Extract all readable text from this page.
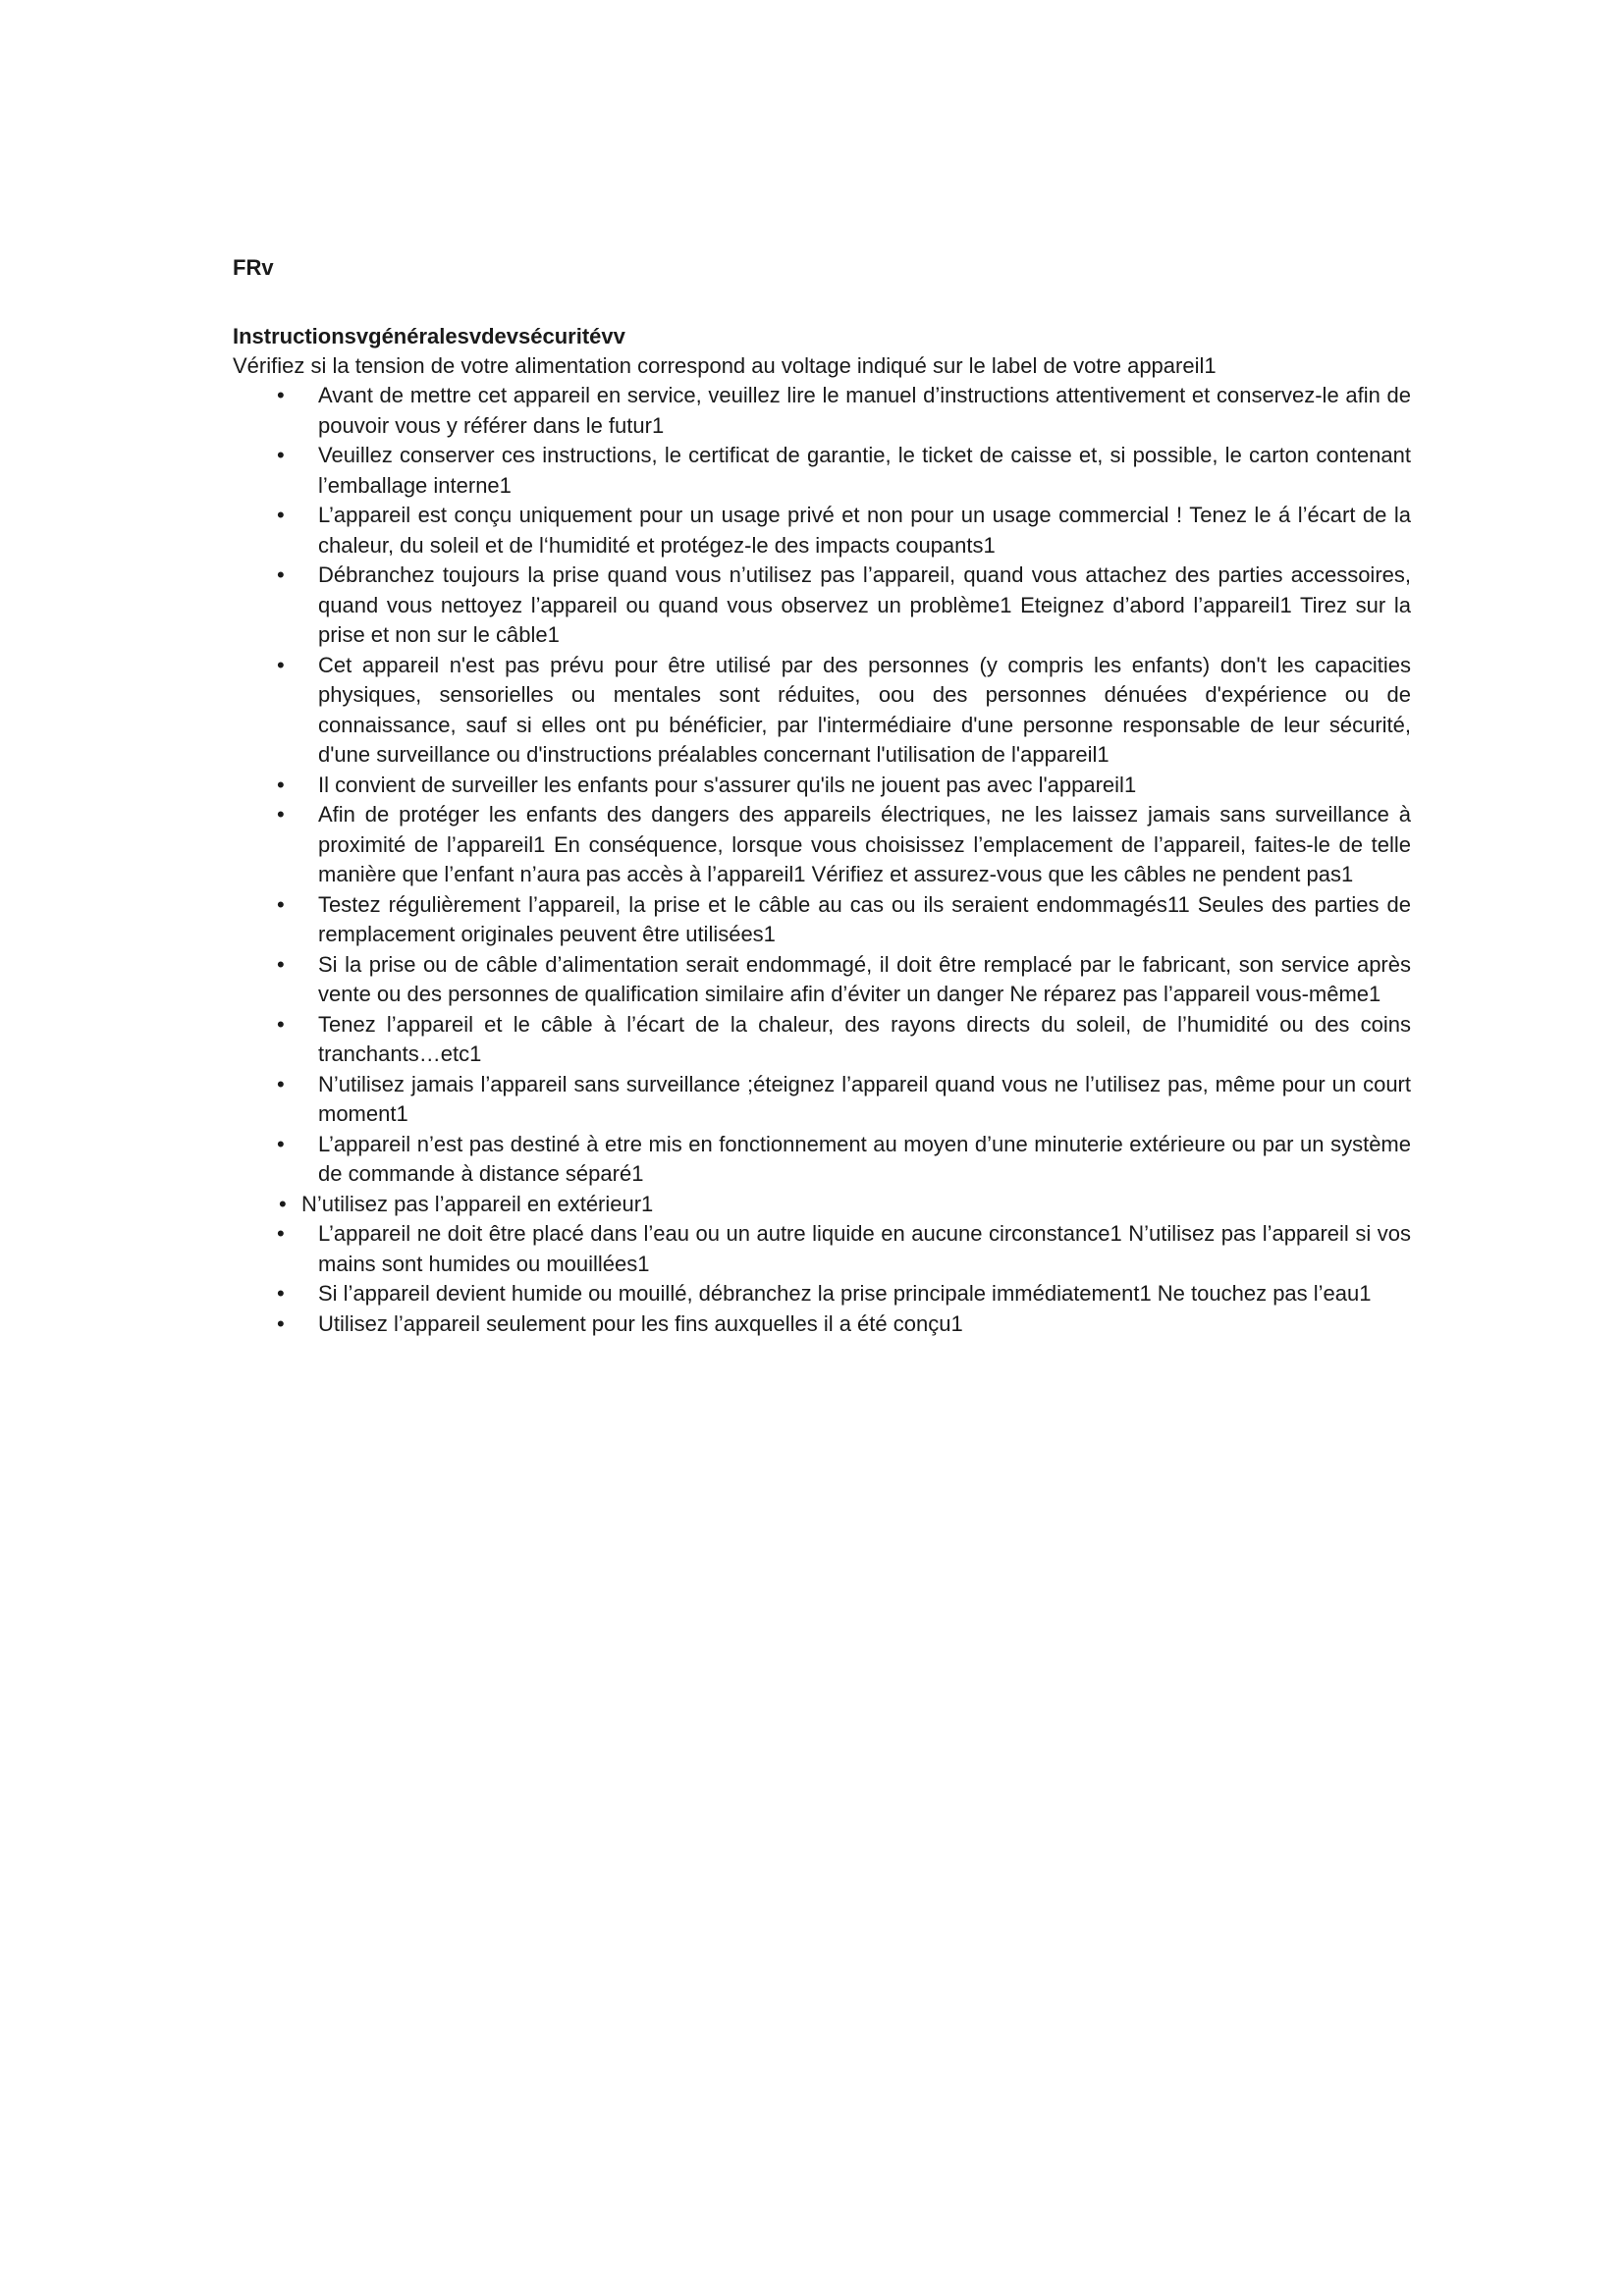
FRv

Instructionsvgénéralesvdevsécuritévv

Vérifiez si la tension de votre alimentation correspond au voltage indiqué sur le label de votre appareil1

• Avant de mettre cet appareil en service, veuillez lire le manuel d’instructions attentivement et conservez-le afin de pouvoir vous y référer dans le futur1
• Veuillez conserver ces instructions, le certificat de garantie, le ticket de caisse et, si possible, le carton contenant l’emballage interne1
• L’appareil est conçu uniquement pour un usage privé et non pour un usage commercial ! Tenez le á l’écart de la chaleur, du soleil et de l‘humidité et protégez-le des impacts coupants1
• Débranchez toujours la prise quand vous n’utilisez pas l’appareil, quand vous attachez des parties accessoires, quand vous nettoyez l’appareil ou quand vous observez un problème1 Eteignez d’abord l’appareil1 Tirez sur la prise et non sur le câble1
• Cet appareil n'est pas prévu pour être utilisé par des personnes (y compris les enfants) don't les capacities physiques, sensorielles ou mentales sont réduites, oou des personnes dénuées d'expérience ou de connaissance, sauf si elles ont pu bénéficier, par l'intermédiaire d'une personne responsable de leur sécurité, d'une surveillance ou d'instructions préalables concernant l'utilisation de l'appareil1
• Il convient de surveiller les enfants pour s'assurer qu'ils ne jouent pas avec l'appareil1
• Afin de protéger les enfants des dangers des appareils électriques, ne les laissez jamais sans surveillance à proximité de l’appareil1 En conséquence, lorsque vous choisissez l’emplacement de l’appareil, faites-le de telle manière que l’enfant n’aura pas accès à l’appareil1 Vérifiez et assurez-vous que les câbles ne pendent pas1
• Testez régulièrement l’appareil, la prise et le câble au cas ou ils seraient endommagés11 Seules des parties de remplacement originales peuvent être utilisées1
• Si la prise ou de câble d’alimentation serait endommagé, il doit être remplacé par le fabricant, son service après vente ou des personnes de qualification similaire afin d’éviter un danger Ne réparez pas l’appareil vous-même1
• Tenez l’appareil et le câble à l’écart de la chaleur, des rayons directs du soleil, de l’humidité ou des coins tranchants…etc1
• N’utilisez jamais l’appareil sans surveillance ;éteignez l’appareil quand vous ne l’utilisez pas, même pour un court moment1
• L’appareil n’est pas destiné à etre mis en fonctionnement au moyen d’une minuterie extérieure ou par un système de commande à distance séparé1
• N’utilisez pas l’appareil en extérieur1
• L’appareil ne doit être placé dans l’eau ou un autre liquide en aucune circonstance1 N’utilisez pas l’appareil si vos mains sont humides ou mouillées1
• Si l’appareil devient humide ou mouillé, débranchez la prise principale immédiatement1 Ne touchez pas l’eau1
• Utilisez l’appareil seulement pour les fins auxquelles il a été conçu1
